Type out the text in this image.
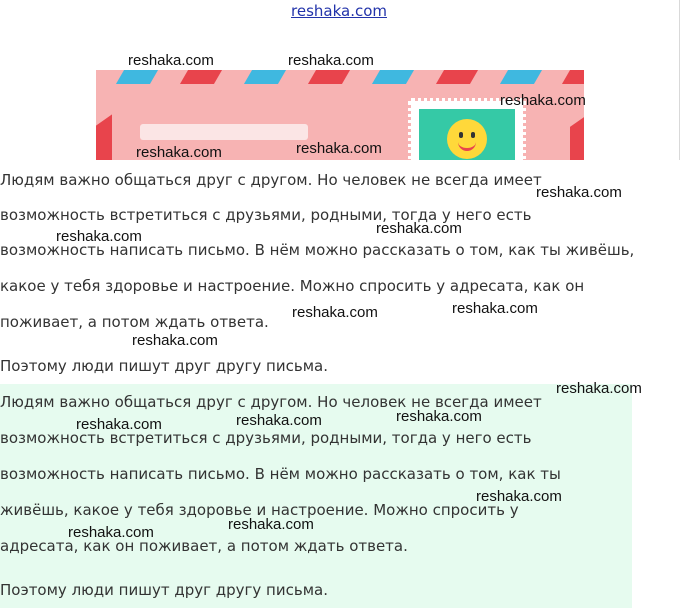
reshaka.com

Людям важно общаться друг с другом. Но человек не всегда имеет

возможность встретиться с друзьями, родными, тогда у него есть

возможность написать письмо. В нём можно рассказать о том, как ты живёшь,

какое у тебя здоровье и настроение. Можно спросить у адресата, как он

поживает, а потом ждать ответа.

Поэтому люди пишут друг другу письма.

Людям важно общаться друг с другом. Но человек не всегда имеет

возможность встретиться с друзьями, родными, тогда у него есть

возможность написать письмо. В нём можно рассказать о том, как ты

живёшь, какое у тебя здоровье и настроение. Можно спросить у

адресата, как он поживает, а потом ждать ответа.

Поэтому люди пишут друг другу письма.

reshaka.com	reshaka.com
reshaka.com
reshaka.com	reshaka.com
reshaka.com
reshaka.com	reshaka.com
reshaka.com	reshaka.com
reshaka.com
reshaka.com
reshaka.com	reshaka.com
reshaka.com
reshaka.com
reshaka.com
reshaka.com
